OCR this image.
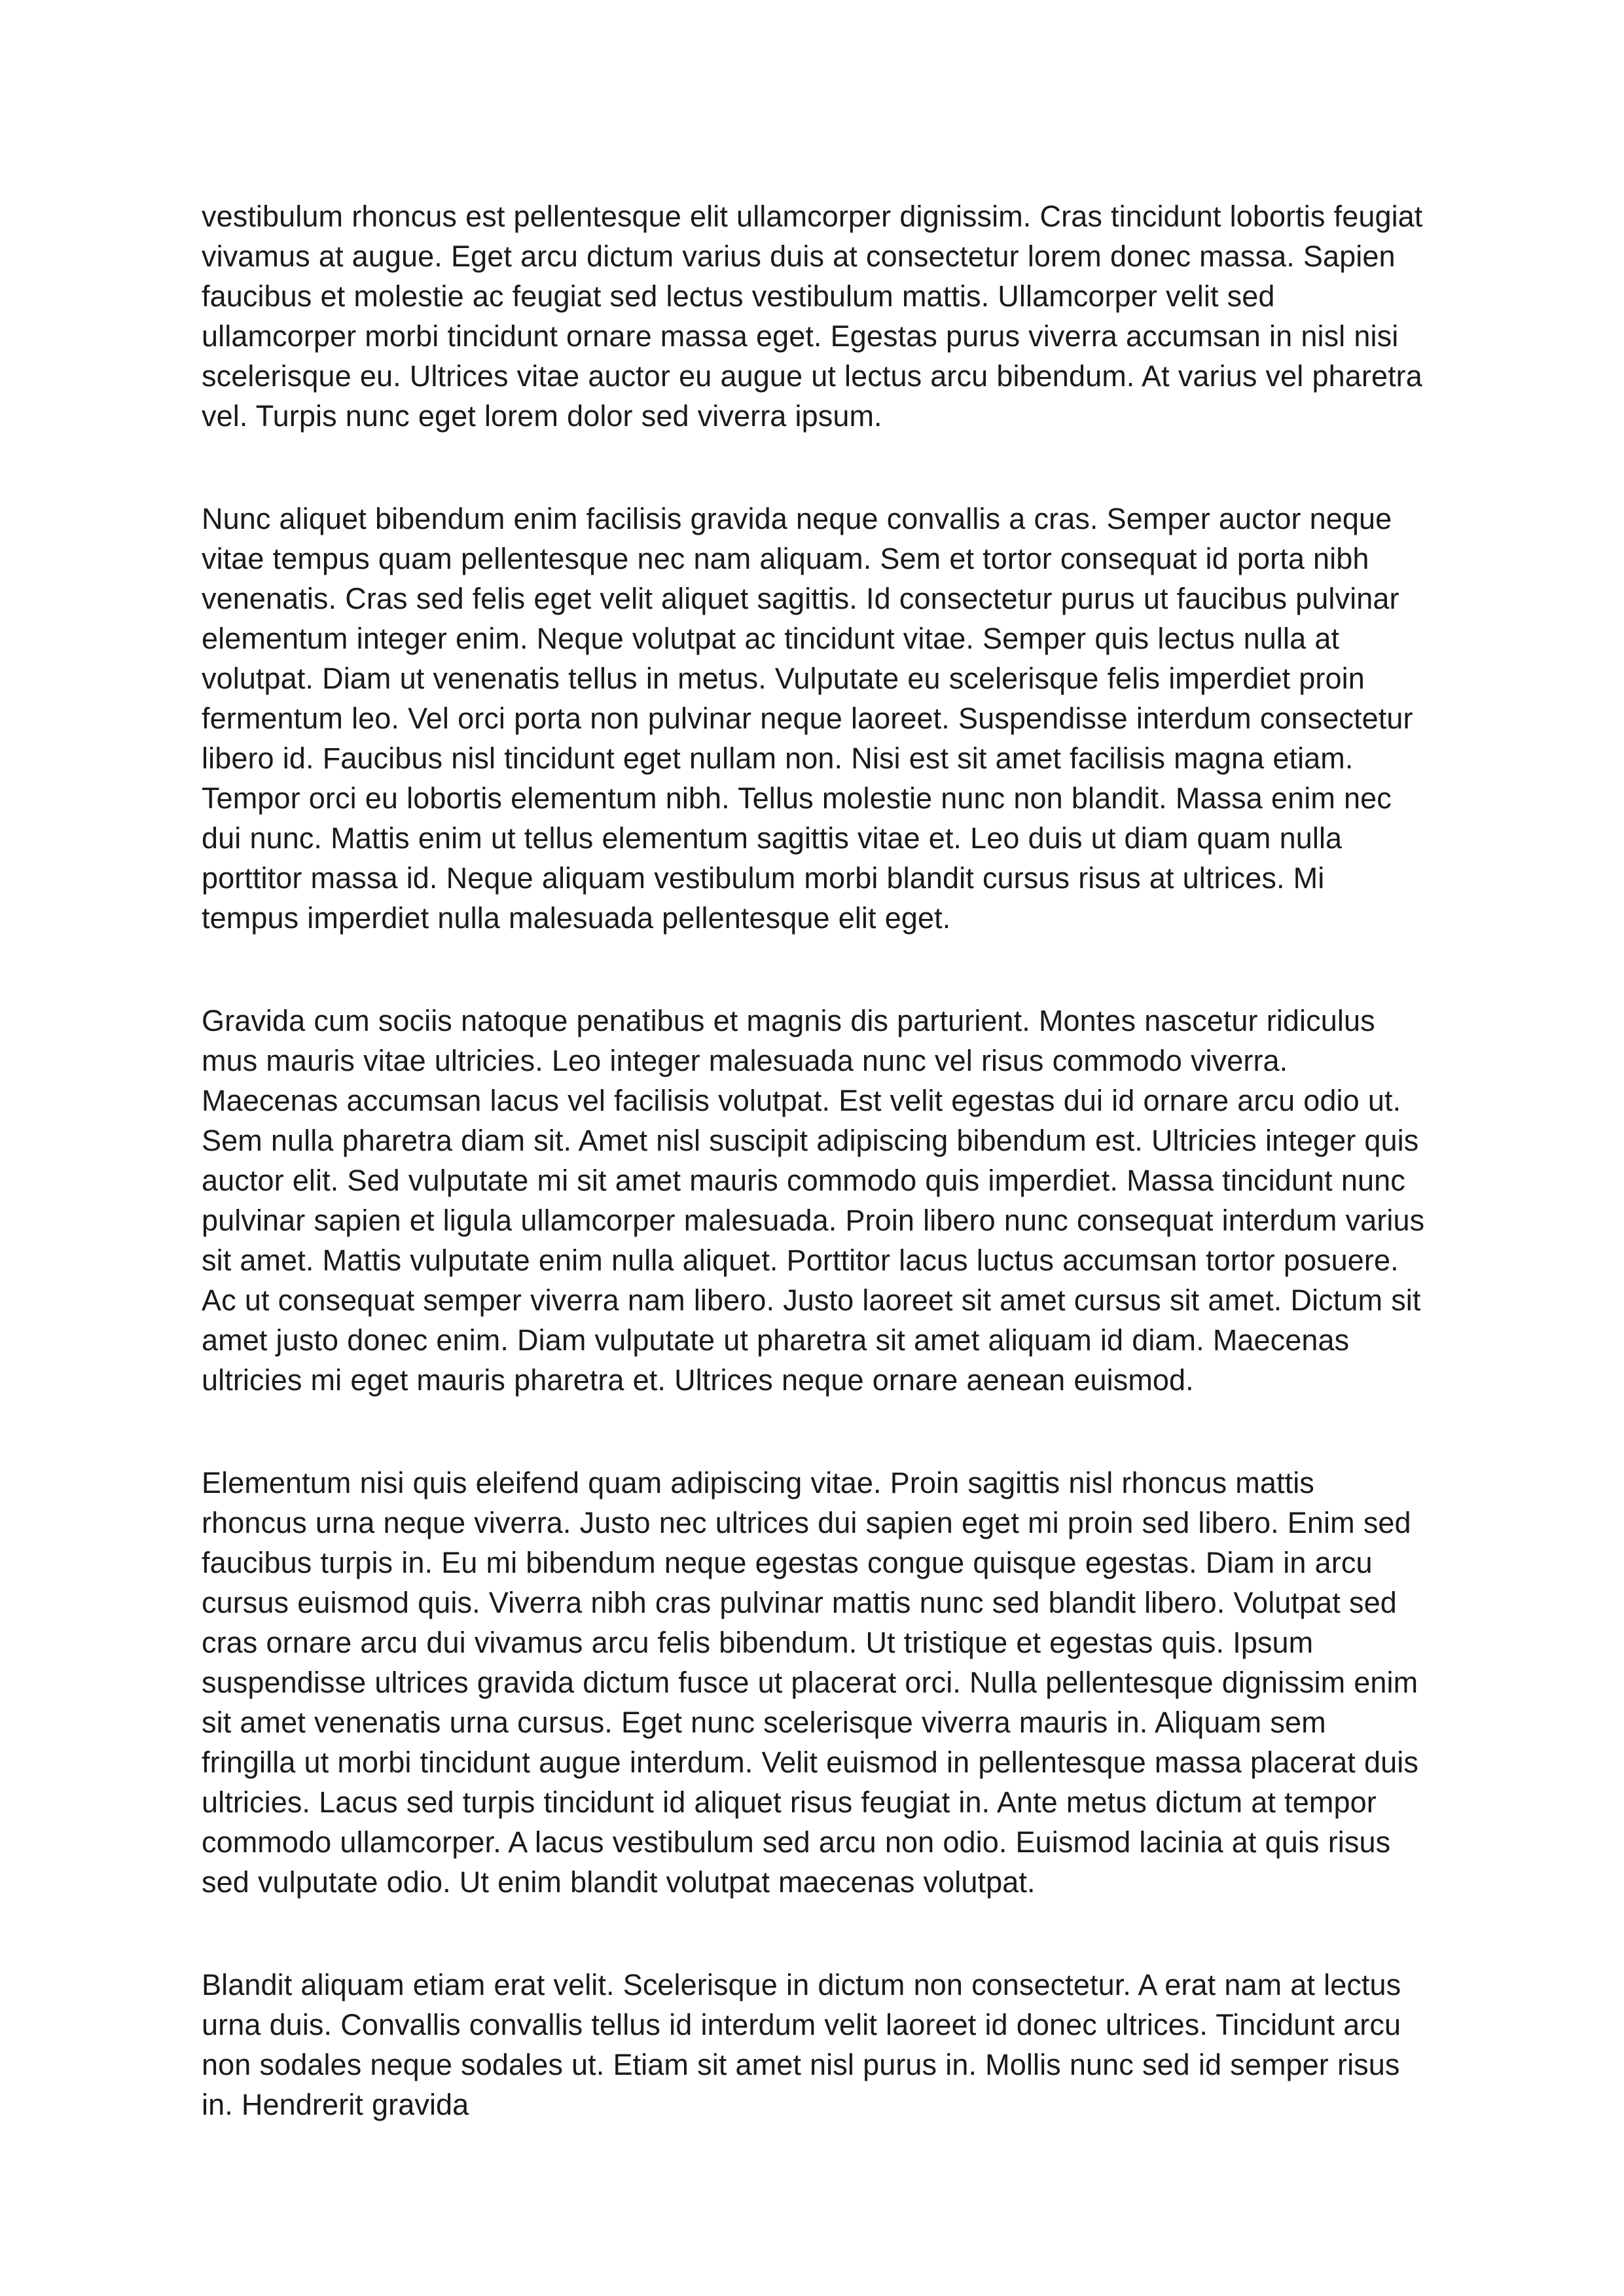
vestibulum rhoncus est pellentesque elit ullamcorper dignissim. Cras tincidunt lobortis feugiat vivamus at augue. Eget arcu dictum varius duis at consectetur lorem donec massa. Sapien faucibus et molestie ac feugiat sed lectus vestibulum mattis. Ullamcorper velit sed ullamcorper morbi tincidunt ornare massa eget. Egestas purus viverra accumsan in nisl nisi scelerisque eu. Ultrices vitae auctor eu augue ut lectus arcu bibendum. At varius vel pharetra vel. Turpis nunc eget lorem dolor sed viverra ipsum.

Nunc aliquet bibendum enim facilisis gravida neque convallis a cras. Semper auctor neque vitae tempus quam pellentesque nec nam aliquam. Sem et tortor consequat id porta nibh venenatis. Cras sed felis eget velit aliquet sagittis. Id consectetur purus ut faucibus pulvinar elementum integer enim. Neque volutpat ac tincidunt vitae. Semper quis lectus nulla at volutpat. Diam ut venenatis tellus in metus. Vulputate eu scelerisque felis imperdiet proin fermentum leo. Vel orci porta non pulvinar neque laoreet. Suspendisse interdum consectetur libero id. Faucibus nisl tincidunt eget nullam non. Nisi est sit amet facilisis magna etiam. Tempor orci eu lobortis elementum nibh. Tellus molestie nunc non blandit. Massa enim nec dui nunc. Mattis enim ut tellus elementum sagittis vitae et. Leo duis ut diam quam nulla porttitor massa id. Neque aliquam vestibulum morbi blandit cursus risus at ultrices. Mi tempus imperdiet nulla malesuada pellentesque elit eget.

Gravida cum sociis natoque penatibus et magnis dis parturient. Montes nascetur ridiculus mus mauris vitae ultricies. Leo integer malesuada nunc vel risus commodo viverra. Maecenas accumsan lacus vel facilisis volutpat. Est velit egestas dui id ornare arcu odio ut. Sem nulla pharetra diam sit. Amet nisl suscipit adipiscing bibendum est. Ultricies integer quis auctor elit. Sed vulputate mi sit amet mauris commodo quis imperdiet. Massa tincidunt nunc pulvinar sapien et ligula ullamcorper malesuada. Proin libero nunc consequat interdum varius sit amet. Mattis vulputate enim nulla aliquet. Porttitor lacus luctus accumsan tortor posuere. Ac ut consequat semper viverra nam libero. Justo laoreet sit amet cursus sit amet. Dictum sit amet justo donec enim. Diam vulputate ut pharetra sit amet aliquam id diam. Maecenas ultricies mi eget mauris pharetra et. Ultrices neque ornare aenean euismod.

Elementum nisi quis eleifend quam adipiscing vitae. Proin sagittis nisl rhoncus mattis rhoncus urna neque viverra. Justo nec ultrices dui sapien eget mi proin sed libero. Enim sed faucibus turpis in. Eu mi bibendum neque egestas congue quisque egestas. Diam in arcu cursus euismod quis. Viverra nibh cras pulvinar mattis nunc sed blandit libero. Volutpat sed cras ornare arcu dui vivamus arcu felis bibendum. Ut tristique et egestas quis. Ipsum suspendisse ultrices gravida dictum fusce ut placerat orci. Nulla pellentesque dignissim enim sit amet venenatis urna cursus. Eget nunc scelerisque viverra mauris in. Aliquam sem fringilla ut morbi tincidunt augue interdum. Velit euismod in pellentesque massa placerat duis ultricies. Lacus sed turpis tincidunt id aliquet risus feugiat in. Ante metus dictum at tempor commodo ullamcorper. A lacus vestibulum sed arcu non odio. Euismod lacinia at quis risus sed vulputate odio. Ut enim blandit volutpat maecenas volutpat.

Blandit aliquam etiam erat velit. Scelerisque in dictum non consectetur. A erat nam at lectus urna duis. Convallis convallis tellus id interdum velit laoreet id donec ultrices. Tincidunt arcu non sodales neque sodales ut. Etiam sit amet nisl purus in. Mollis nunc sed id semper risus in. Hendrerit gravida
